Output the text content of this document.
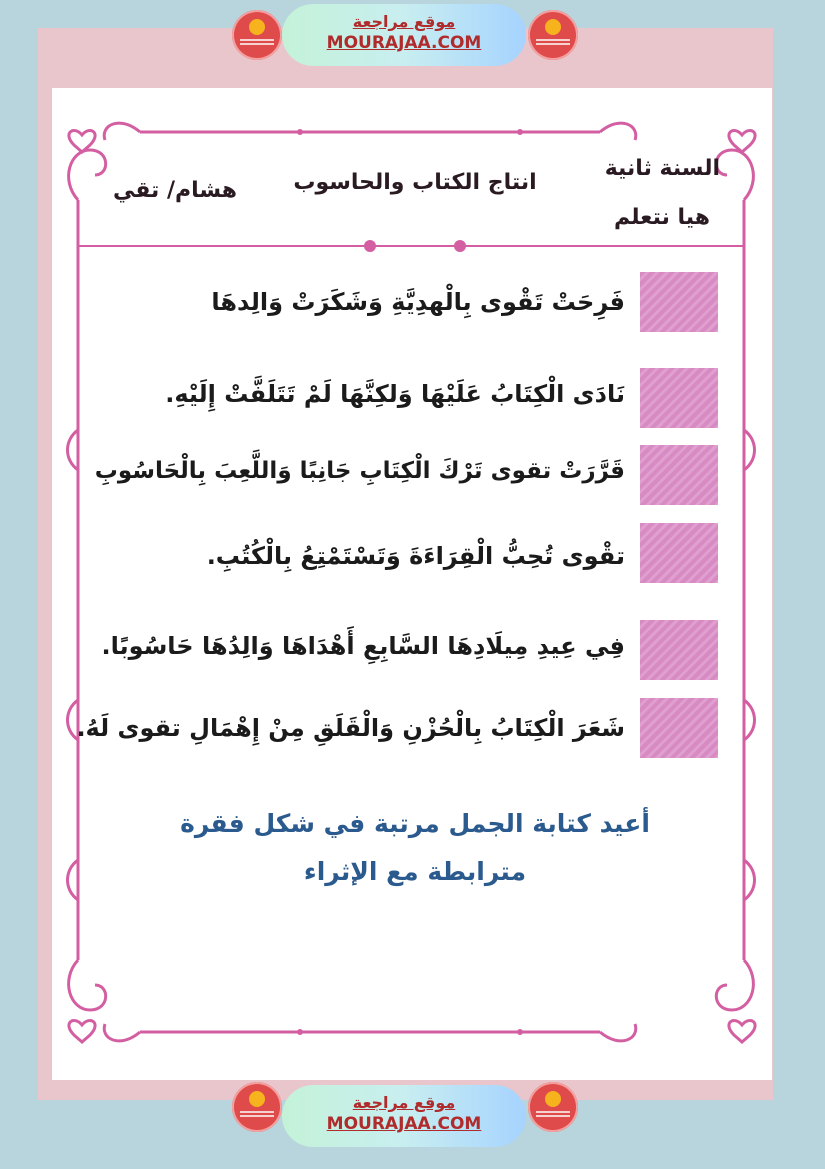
موقع مراجعة
MOURAJAA.COM
السنة ثانية
هيا نتعلم
انتاج الكتاب والحاسوب
هشام/ تقي
فَرِحَتْ تَقْوى بِالْهدِيَّةِ وَشَكَرَتْ وَالِدهَا
نَادَى الْكِتَابُ عَلَيْهَا وَلكِنَّهَا لَمْ تَتَلَفَّتْ إِلَيْهِ.
قَرَّرَتْ تقوى تَرْكَ الْكِتَابِ جَانِبًا وَاللَّعِبَ بِالْحَاسُوبِ
تقْوى تُحِبُّ الْقِرَاءَةَ وَتَسْتَمْتِعُ بِالْكُتُبِ.
فِي عِيدِ مِيلَادِهَا السَّابِعِ أَهْدَاهَا وَالِدُهَا حَاسُوبًا.
شَعَرَ الْكِتَابُ بِالْحُزْنِ وَالْقَلَقِ مِنْ إِهْمَالِ تقوى لَهُ.
أعيد كتابة الجمل مرتبة في شكل فقرة
مترابطة مع الإثراء
موقع مراجعة
MOURAJAA.COM
